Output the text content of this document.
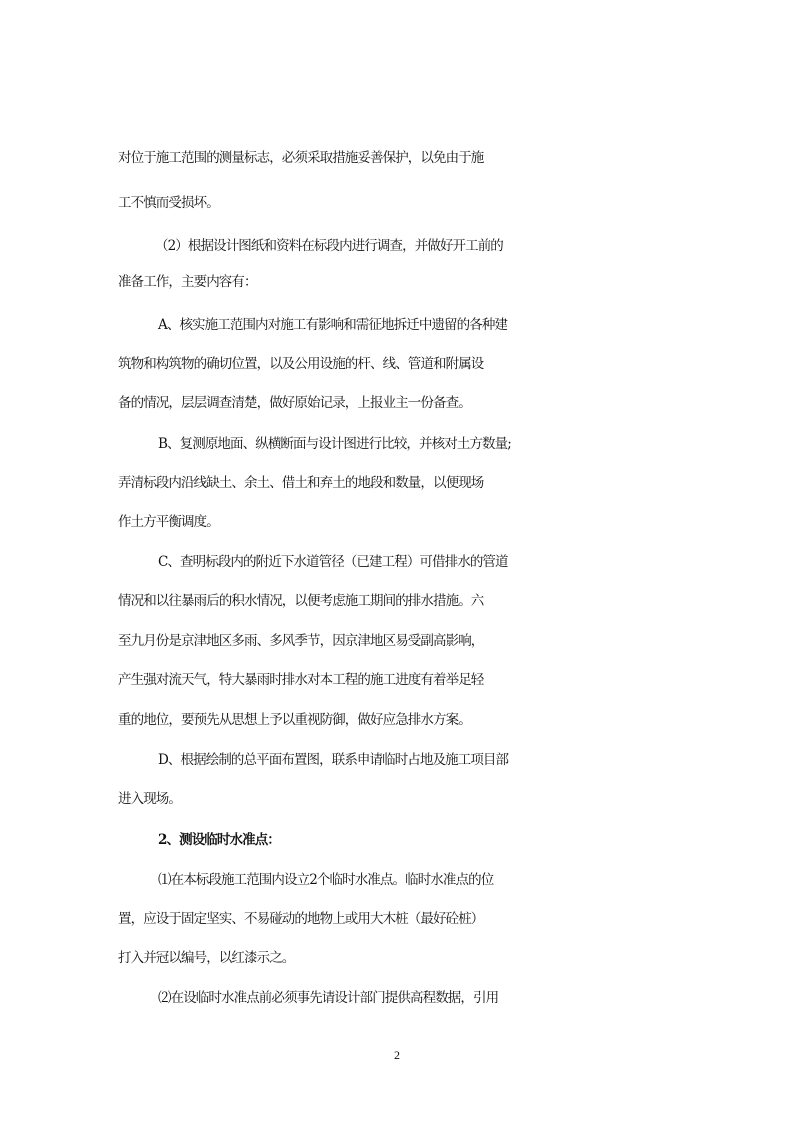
对位于施工范围的测量标志，必须采取措施妥善保护，以免由于施
工不慎而受损坏。
（2）根据设计图纸和资料在标段内进行调查，并做好开工前的
准备工作，主要内容有：
A、核实施工范围内对施工有影响和需征地拆迁中遗留的各种建
筑物和构筑物的确切位置，以及公用设施的杆、线、管道和附属设
备的情况，层层调查清楚，做好原始记录，上报业主一份备查。
B、复测原地面、纵横断面与设计图进行比较，并核对土方数量;
弄清标段内沿线缺土、余土、借土和弃土的地段和数量，以便现场
作土方平衡调度。
C、查明标段内的附近下水道管径（已建工程）可借排水的管道
情况和以往暴雨后的积水情况，以便考虑施工期间的排水措施。六
至九月份是京津地区多雨、多风季节，因京津地区易受副高影响，
产生强对流天气，特大暴雨时排水对本工程的施工进度有着举足轻
重的地位，要预先从思想上予以重视防御，做好应急排水方案。
D、根据绘制的总平面布置图，联系申请临时占地及施工项目部
进入现场。
2、测设临时水准点：
⑴在本标段施工范围内设立2个临时水准点。临时水准点的位
置，应设于固定坚实、不易碰动的地物上或用大木桩（最好砼桩）
打入并冠以编号，以红漆示之。
⑵在设临时水准点前必须事先请设计部门提供高程数据，引用
2
